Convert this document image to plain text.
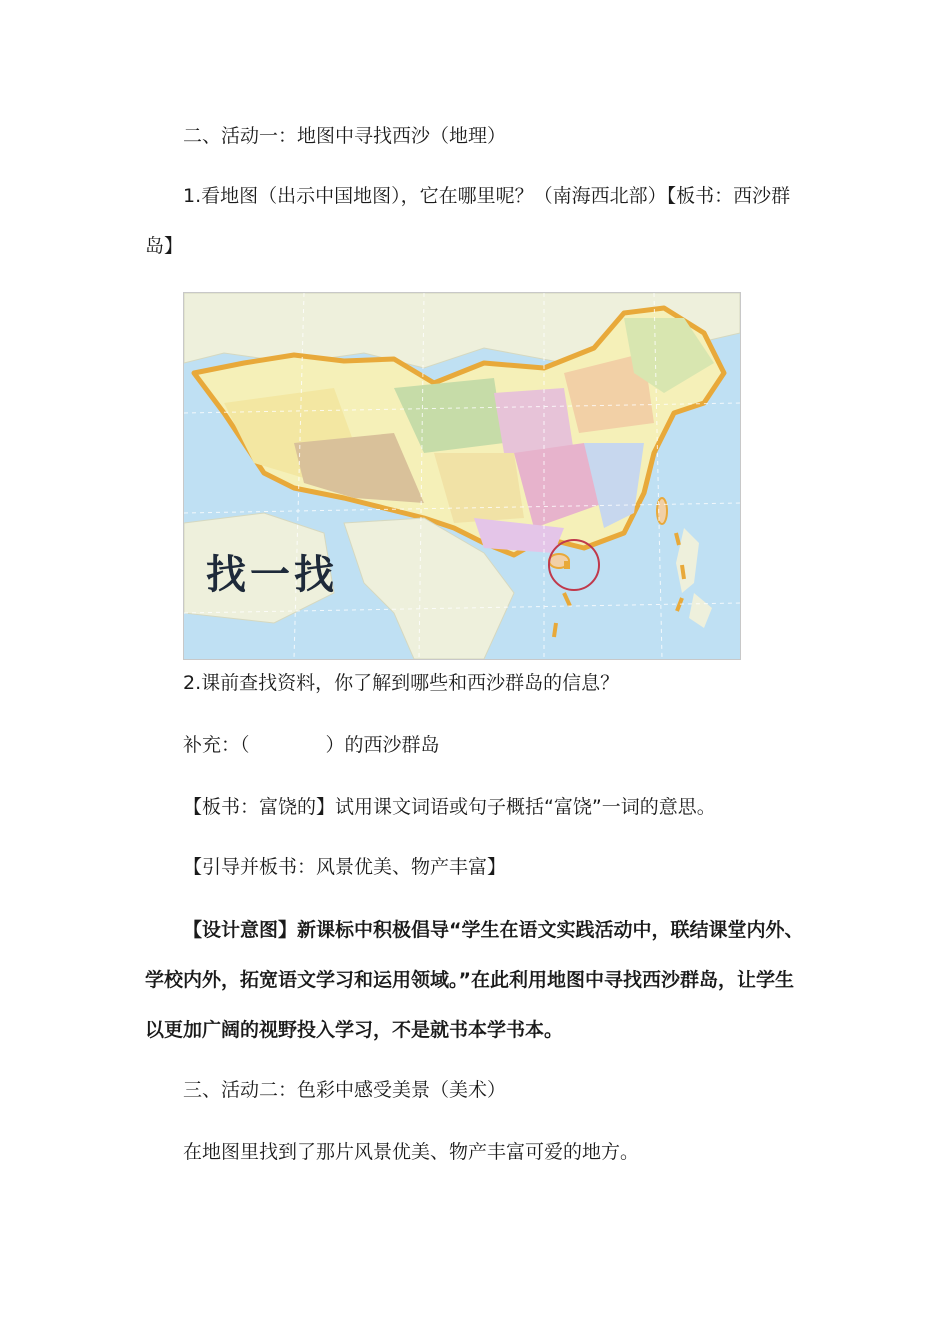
二、活动一：地图中寻找西沙（地理）
1.看地图（出示中国地图），它在哪里呢？（南海西北部）【板书：西沙群
岛】
找一找
2.课前查找资料，你了解到哪些和西沙群岛的信息？
补充：（　　　　）的西沙群岛
【板书：富饶的】试用课文词语或句子概括“富饶”一词的意思。
【引导并板书：风景优美、物产丰富】
【设计意图】新课标中积极倡导“学生在语文实践活动中，联结课堂内外、
学校内外，拓宽语文学习和运用领域。”在此利用地图中寻找西沙群岛，让学生
以更加广阔的视野投入学习，不是就书本学书本。
三、活动二：色彩中感受美景（美术）
在地图里找到了那片风景优美、物产丰富可爱的地方。
